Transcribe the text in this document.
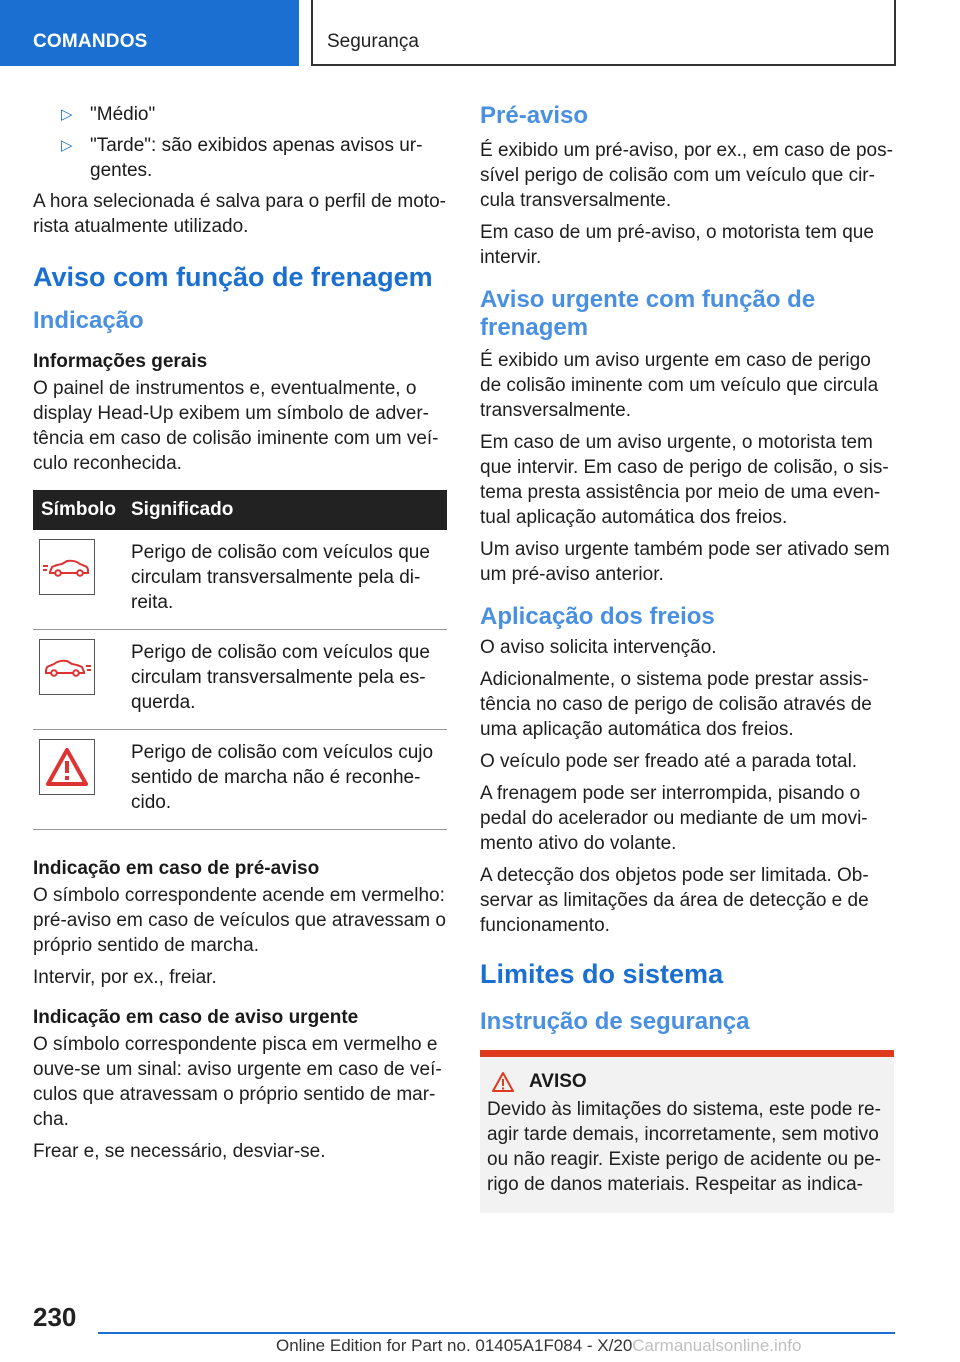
COMANDOS	Segurança
▷ "Médio"
▷ "Tarde": são exibidos apenas avisos ur-gentes.

A hora selecionada é salva para o perfil de moto-rista atualmente utilizado.

Aviso com função de frenagem
Indicação
Informações gerais

O painel de instrumentos e, eventualmente, o display Head-Up exibem um símbolo de adver-tência em caso de colisão iminente com um veí-culo reconhecida.

Símbolo	Significado

	Perigo de colisão com veículos que circulam transversalmente pela di-reita.

	Perigo de colisão com veículos que circulam transversalmente pela es-querda.

	Perigo de colisão com veículos cujo sentido de marcha não é reconhe-cido.
Indicação em caso de pré-aviso

O símbolo correspondente acende em vermelho: pré-aviso em caso de veículos que atravessam o próprio sentido de marcha.

Intervir, por ex., freiar.

Indicação em caso de aviso urgente

O símbolo correspondente pisca em vermelho e ouve-se um sinal: aviso urgente em caso de veí-culos que atravessam o próprio sentido de mar-cha.

Frear e, se necessário, desviar-se.

Pré-aviso

É exibido um pré-aviso, por ex., em caso de pos-sível perigo de colisão com um veículo que cir-cula transversalmente.

Em caso de um pré-aviso, o motorista tem que intervir.

Aviso urgente com função de frenagem

É exibido um aviso urgente em caso de perigo de colisão iminente com um veículo que circula transversalmente.

Em caso de um aviso urgente, o motorista tem que intervir. Em caso de perigo de colisão, o sis-tema presta assistência por meio de uma even-tual aplicação automática dos freios.

Um aviso urgente também pode ser ativado sem um pré-aviso anterior.

Aplicação dos freios

O aviso solicita intervenção.

Adicionalmente, o sistema pode prestar assis-tência no caso de perigo de colisão através de uma aplicação automática dos freios.

O veículo pode ser freado até a parada total.

A frenagem pode ser interrompida, pisando o pedal do acelerador ou mediante de um movi-mento ativo do volante.

A detecção dos objetos pode ser limitada. Ob-servar as limitações da área de detecção e de funcionamento.

Limites do sistema
Instrução de segurança
AVISO

Devido às limitações do sistema, este pode re-agir tarde demais, incorretamente, sem motivo ou não reagir. Existe perigo de acidente ou pe-rigo de danos materiais. Respeitar as indica-

230
Online Edition for Part no. 01405A1F084 - X/20Carmanualsonline.info
